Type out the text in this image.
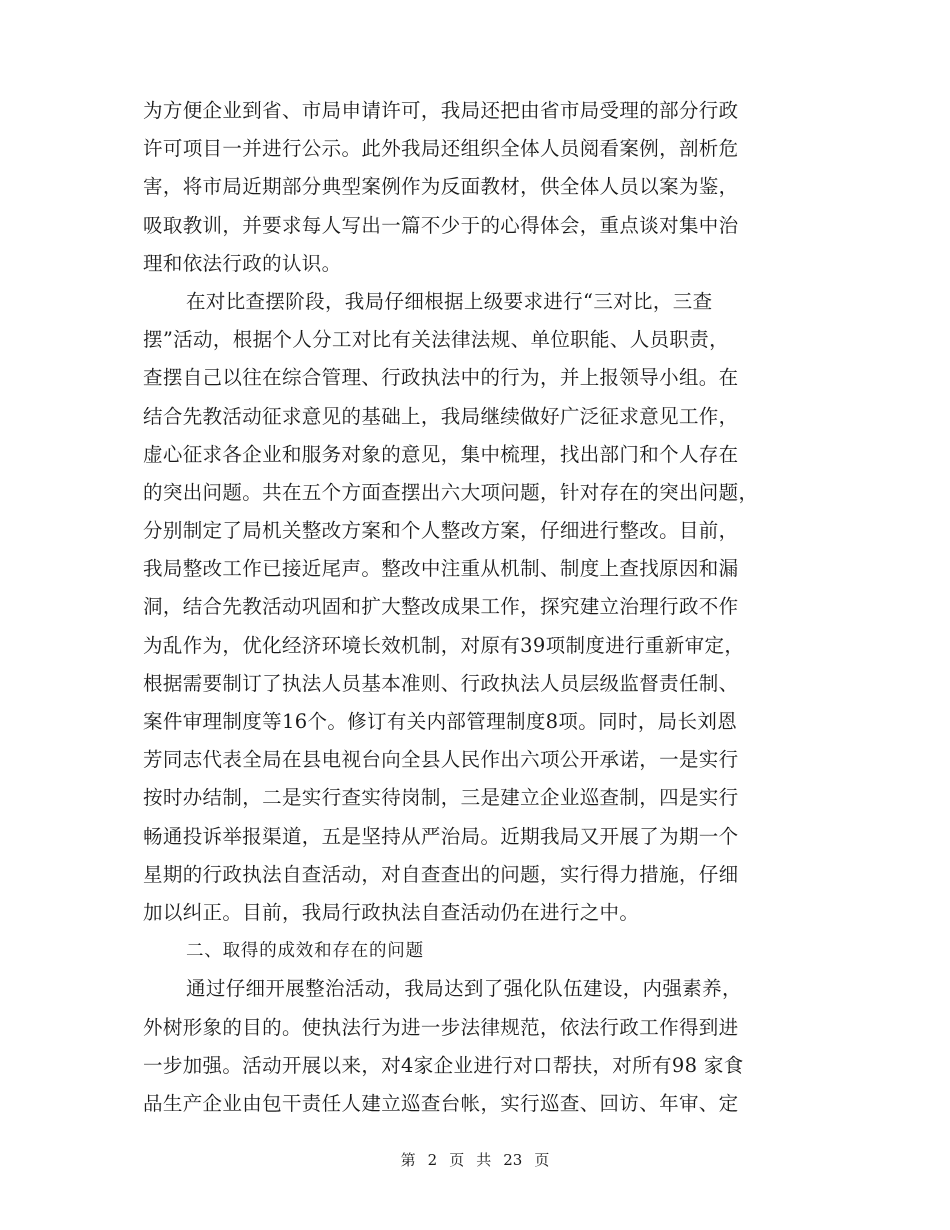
为方便企业到省、市局申请许可，我局还把由省市局受理的部分行政
许可项目一并进行公示。此外我局还组织全体人员阅看案例，剖析危
害，将市局近期部分典型案例作为反面教材，供全体人员以案为鉴，
吸取教训，并要求每人写出一篇不少于的心得体会，重点谈对集中治
理和依法行政的认识。
在对比查摆阶段，我局仔细根据上级要求进行“三对比，三查
摆”活动，根据个人分工对比有关法律法规、单位职能、人员职责，
查摆自己以往在综合管理、行政执法中的行为，并上报领导小组。在
结合先教活动征求意见的基础上，我局继续做好广泛征求意见工作，
虚心征求各企业和服务对象的意见，集中梳理，找出部门和个人存在
的突出问题。共在五个方面查摆出六大项问题，针对存在的突出问题，
分别制定了局机关整改方案和个人整改方案，仔细进行整改。目前，
我局整改工作已接近尾声。整改中注重从机制、制度上查找原因和漏
洞，结合先教活动巩固和扩大整改成果工作，探究建立治理行政不作
为乱作为，优化经济环境长效机制，对原有39项制度进行重新审定，
根据需要制订了执法人员基本准则、行政执法人员层级监督责任制、
案件审理制度等16个。修订有关内部管理制度8项。同时，局长刘恩
芳同志代表全局在县电视台向全县人民作出六项公开承诺，一是实行
按时办结制，二是实行查实待岗制，三是建立企业巡查制，四是实行
畅通投诉举报渠道，五是坚持从严治局。近期我局又开展了为期一个
星期的行政执法自查活动，对自查查出的问题，实行得力措施，仔细
加以纠正。目前，我局行政执法自查活动仍在进行之中。
二、取得的成效和存在的问题
通过仔细开展整治活动，我局达到了强化队伍建设，内强素养，
外树形象的目的。使执法行为进一步法律规范，依法行政工作得到进
一步加强。活动开展以来，对4家企业进行对口帮扶，对所有98 家食
品生产企业由包干责任人建立巡查台帐，实行巡查、回访、年审、定
第 2 页 共 23 页
